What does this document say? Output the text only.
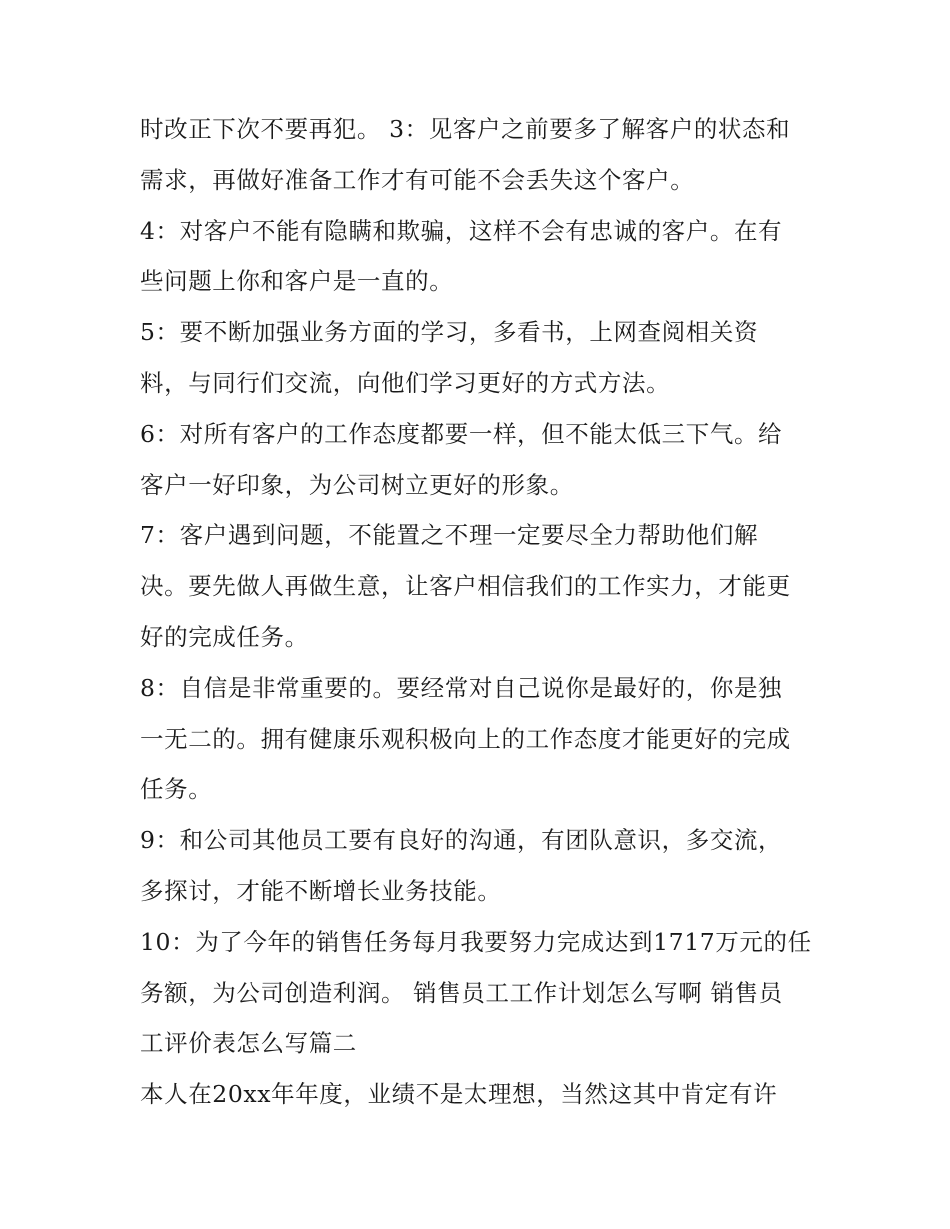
时改正下次不要再犯。 3：见客户之前要多了解客户的状态和
需求，再做好准备工作才有可能不会丢失这个客户。
4：对客户不能有隐瞒和欺骗，这样不会有忠诚的客户。在有
些问题上你和客户是一直的。
5：要不断加强业务方面的学习，多看书，上网查阅相关资
料，与同行们交流，向他们学习更好的方式方法。
6：对所有客户的工作态度都要一样，但不能太低三下气。给
客户一好印象，为公司树立更好的形象。
7：客户遇到问题，不能置之不理一定要尽全力帮助他们解
决。要先做人再做生意，让客户相信我们的工作实力，才能更
好的完成任务。
8：自信是非常重要的。要经常对自己说你是最好的，你是独
一无二的。拥有健康乐观积极向上的工作态度才能更好的完成
任务。
9：和公司其他员工要有良好的沟通，有团队意识，多交流，
多探讨，才能不断增长业务技能。
10：为了今年的销售任务每月我要努力完成达到1717万元的任
务额，为公司创造利润。 销售员工工作计划怎么写啊 销售员
工评价表怎么写篇二
本人在20xx年年度，业绩不是太理想，当然这其中肯定有许
